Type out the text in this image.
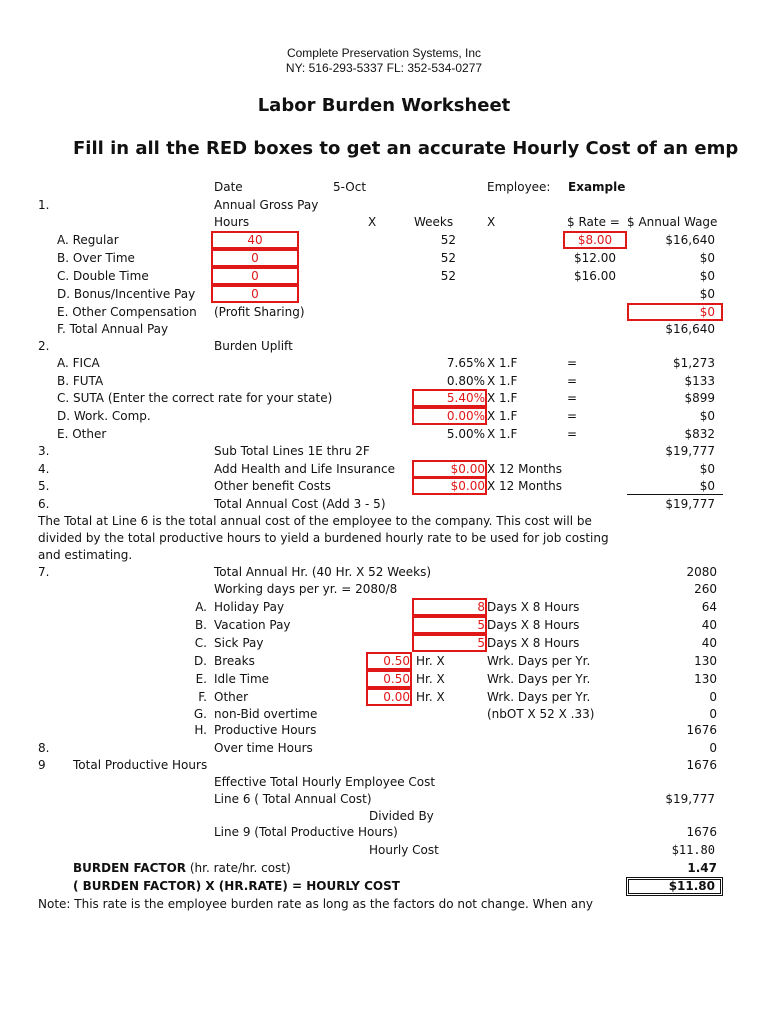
Complete Preservation Systems, Inc
NY: 516-293-5337 FL: 352-534-0277
Labor Burden Worksheet
Fill in all the RED boxes to get an accurate Hourly Cost of an emp
Date	5-Oct	Employee: Example
1.	Annual Gross Pay
Hours	X	Weeks	X	$ Rate = $ Annual Wage
A. Regular	40	52	$8.00	$16,640
B. Over Time	0	52	$12.00	$0
C. Double Time	0	52	$16.00	$0
D. Bonus/Incentive Pay	0	$0
E. Other Compensation (Profit Sharing)	$0
F. Total Annual Pay	$16,640
2.	Burden Uplift
A. FICA	7.65% X 1.F	=	$1,273
B. FUTA	0.80% X 1.F	=	$133
C. SUTA (Enter the correct rate for your state)	5.40% X 1.F	=	$899
D. Work. Comp.	0.00% X 1.F	=	$0
E. Other	5.00% X 1.F	=	$832
3.	Sub Total Lines 1E thru 2F	$19,777
4.	Add Health and Life Insurance	$0.00 X 12 Months	$0
5.	Other benefit Costs	$0.00 X 12 Months	$0
6.	Total Annual Cost (Add 3 - 5)	$19,777
The Total at Line 6 is the total annual cost of the employee to the company. This cost will be
divided by the total productive hours to yield a burdened hourly rate to be used for job costing
and estimating.
7.	Total Annual Hr. (40 Hr. X 52 Weeks)	2080
Working days per yr. = 2080/8	260
A. Holiday Pay	8 Days X 8 Hours	64
B. Vacation Pay	5 Days X 8 Hours	40
C. Sick Pay	5 Days X 8 Hours	40
D. Breaks	0.50 Hr. X	Wrk. Days per Yr.	130
E. Idle Time	0.50 Hr. X	Wrk. Days per Yr.	130
F. Other	0.00 Hr. X	Wrk. Days per Yr.	0
G. non-Bid overtime	(nbOT X 52 X .33)	0
H. Productive Hours	1676
8.	Over time Hours	0
9 Total Productive Hours	1676
Effective Total Hourly Employee Cost
Line 6 ( Total Annual Cost)	$19,777
Divided By
Line 9 (Total Productive Hours)	1676
Hourly Cost	$11.80
BURDEN FACTOR (hr. rate/hr. cost)	1.47
( BURDEN FACTOR) X (HR.RATE) = HOURLY COST	$11.80
Note: This rate is the employee burden rate as long as the factors do not change. When any
